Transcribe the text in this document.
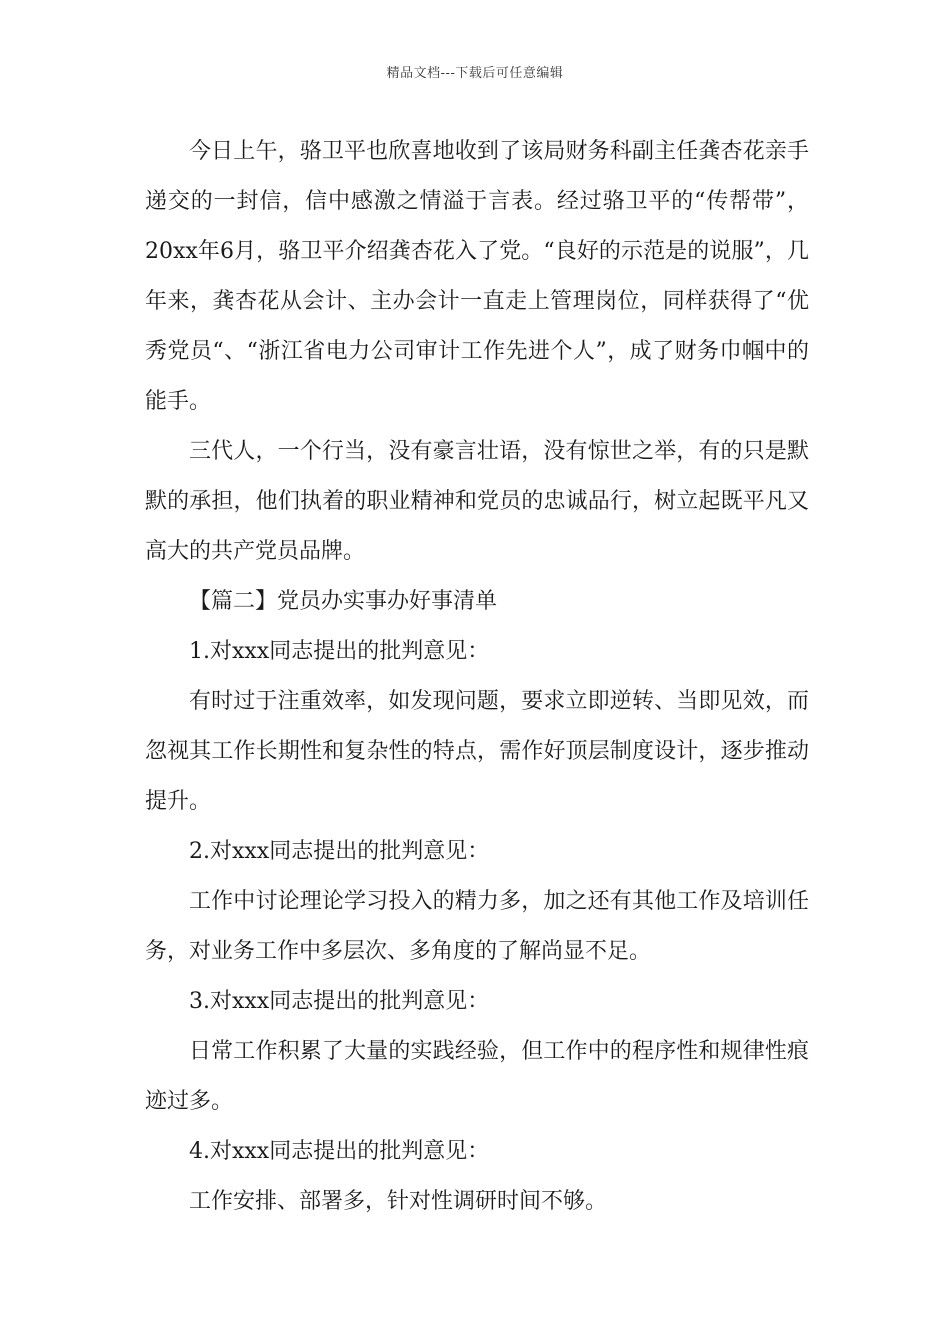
精品文档---下载后可任意编辑

今日上午，骆卫平也欣喜地收到了该局财务科副主任龚杏花亲手递交的一封信，信中感激之情溢于言表。经过骆卫平的“传帮带”，20xx年6月，骆卫平介绍龚杏花入了党。“良好的示范是的说服”，几年来，龚杏花从会计、主办会计一直走上管理岗位，同样获得了“优秀党员“、“浙江省电力公司审计工作先进个人”，成了财务巾帼中的能手。

三代人，一个行当，没有豪言壮语，没有惊世之举，有的只是默默的承担，他们执着的职业精神和党员的忠诚品行，树立起既平凡又高大的共产党员品牌。

【篇二】党员办实事办好事清单

1.对xxx同志提出的批判意见：

有时过于注重效率，如发现问题，要求立即逆转、当即见效，而忽视其工作长期性和复杂性的特点，需作好顶层制度设计，逐步推动提升。

2.对xxx同志提出的批判意见：

工作中讨论理论学习投入的精力多，加之还有其他工作及培训任务，对业务工作中多层次、多角度的了解尚显不足。

3.对xxx同志提出的批判意见：

日常工作积累了大量的实践经验，但工作中的程序性和规律性痕迹过多。

4.对xxx同志提出的批判意见：

工作安排、部署多，针对性调研时间不够。
